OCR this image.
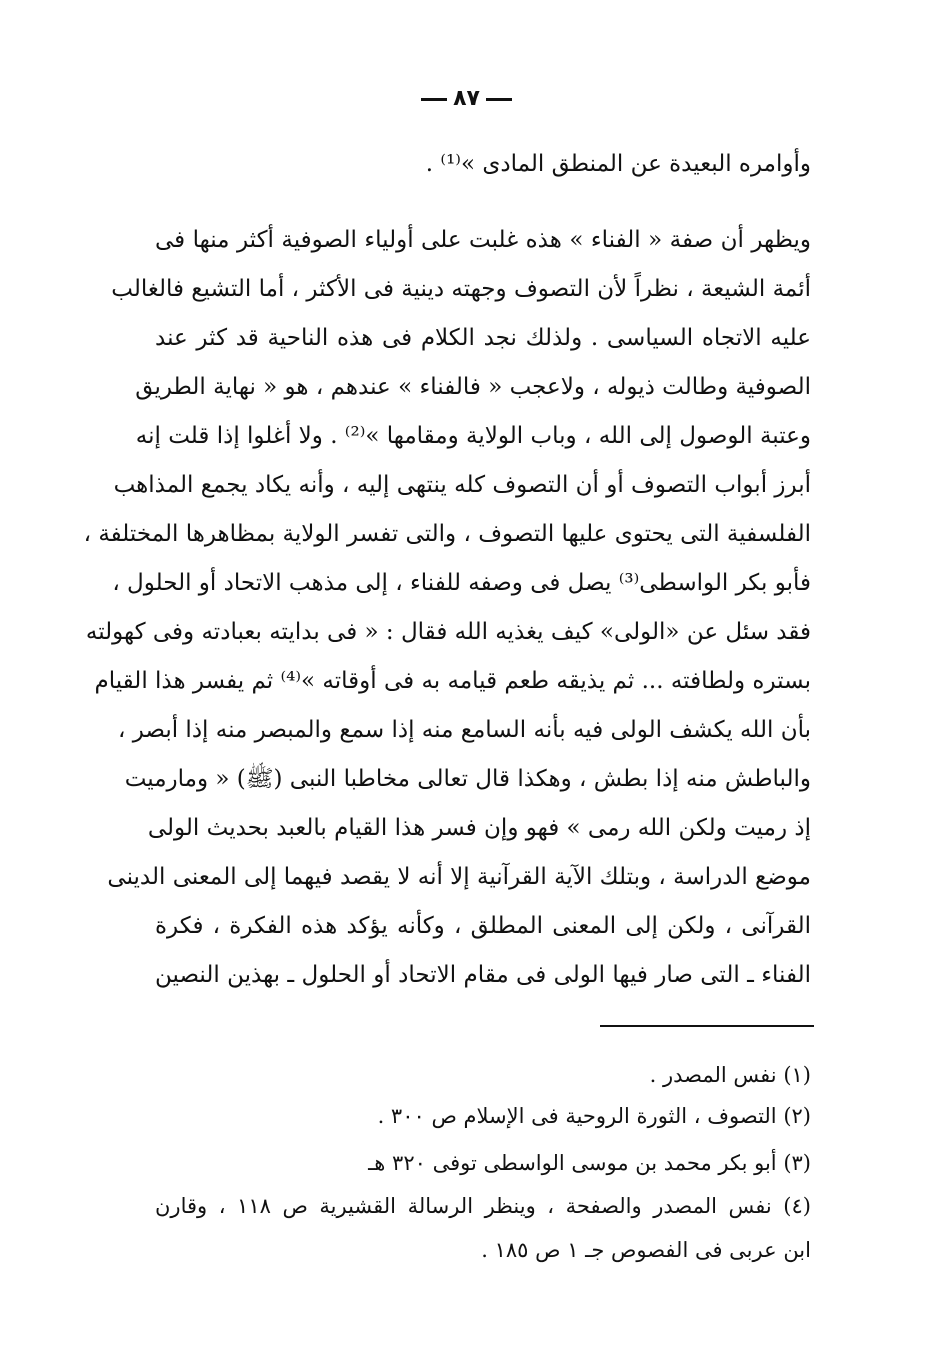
٨٧
وأوامره البعيدة عن المنطق المادى »⁽¹⁾ .
ويظهر أن صفة « الفناء » هذه غلبت على أولياء الصوفية أكثر منها فى
أئمة الشيعة ، نظراً لأن التصوف وجهته دينية فى الأكثر ، أما التشيع فالغالب
عليه الاتجاه السياسى . ولذلك نجد الكلام فى هذه الناحية قد كثر عند
الصوفية وطالت ذيوله ، ولاعجب « فالفناء » عندهم ، هو « نهاية الطريق
وعتبة الوصول إلى الله ، وباب الولاية ومقامها »⁽²⁾ . ولا أغلوا إذا قلت إنه
أبرز أبواب التصوف أو أن التصوف كله ينتهى إليه ، وأنه يكاد يجمع المذاهب
الفلسفية التى يحتوى عليها التصوف ، والتى تفسر الولاية بمظاهرها المختلفة ،
فأبو بكر الواسطى⁽³⁾ يصل فى وصفه للفناء ، إلى مذهب الاتحاد أو الحلول ،
فقد سئل عن «الولى» كيف يغذيه الله فقال : « فى بدايته بعبادته وفى كهولته
بستره ولطافته ... ثم يذيقه طعم قيامه به فى أوقاته »⁽⁴⁾ ثم يفسر هذا القيام
بأن الله يكشف الولى فيه بأنه السامع منه إذا سمع والمبصر منه إذا أبصر ،
والباطش منه إذا بطش ، وهكذا قال تعالى مخاطبا النبى (ﷺ) « ومارميت
إذ رميت ولكن الله رمى » فهو وإن فسر هذا القيام بالعبد بحديث الولى
موضع الدراسة ، وبتلك الآية القرآنية إلا أنه لا يقصد فيهما إلى المعنى الدينى
القرآنى ، ولكن إلى المعنى المطلق ، وكأنه يؤكد هذه الفكرة ، فكرة
الفناء ـ التى صار فيها الولى فى مقام الاتحاد أو الحلول ـ بهذين النصين
(١) نفس المصدر .
(٢) التصوف ، الثورة الروحية فى الإسلام ص ٣٠٠ .
(٣) أبو بكر محمد بن موسى الواسطى توفى ٣٢٠ هـ
(٤) نفس المصدر والصفحة ، وينظر الرسالة القشيرية ص ١١٨ ، وقارن
ابن عربى فى الفصوص جـ ١ ص ١٨٥ .
